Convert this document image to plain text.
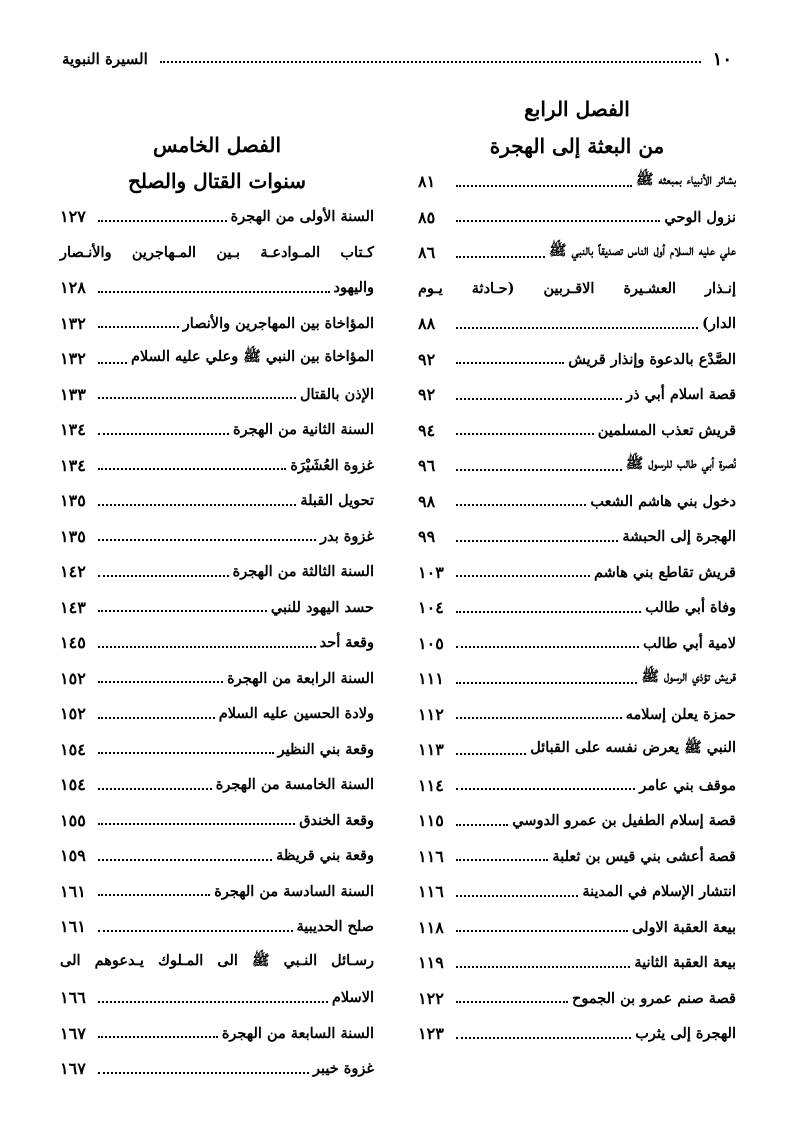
١٠
السيرة النبوية
الفصل الرابع
من البعثة إلى الهجرة
بشائر الأنبياء بمبعثه ﷺ
٨١
نزول الوحي
٨٥
علي عليه السلام أول الناس تصديقاً بالنبي ﷺ
٨٦
إنـذار العشـيرة الاقـربين (حـادثة يـوم
الدار)
٨٨
الصَّدْع بالدعوة وإنذار قريش
٩٢
قصة اسلام أبي ذر
٩٢
قريش تعذب المسلمين
٩٤
نُصرة أبي طالب للرسول ﷺ
٩٦
دخول بني هاشم الشعب
٩٨
الهجرة إلى الحبشة
٩٩
قريش تقاطع بني هاشم
١٠٣
وفاة أبي طالب
١٠٤
لامية أبي طالب
١٠٥
قريش تؤذي الرسول ﷺ
١١١
حمزة يعلن إسلامه
١١٢
النبي ﷺ يعرض نفسه على القبائل
١١٣
موقف بني عامر
١١٤
قصة إسلام الطفيل بن عمرو الدوسي
١١٥
قصة أعشى بني قيس بن ثعلبة
١١٦
انتشار الإسلام في المدينة
١١٦
بيعة العقبة الاولى
١١٨
بيعة العقبة الثانية
١١٩
قصة صنم عمرو بن الجموح
١٢٢
الهجرة إلى يثرب
١٢٣
الفصل الخامس
سنوات القتال والصلح
السنة الأولى من الهجرة
١٢٧
كـتاب المـوادعـة بـين المـهاجرين والأنـصار
واليهود
١٢٨
المؤاخاة بين المهاجرين والأنصار
١٣٢
المؤاخاة بين النبي ﷺ وعلي عليه السلام
١٣٢
الإذن بالقتال
١٣٣
السنة الثانية من الهجرة
١٣٤
غزوة العُشَيْرَة
١٣٤
تحويل القبلة
١٣٥
غزوة بدر
١٣٥
السنة الثالثة من الهجرة
١٤٢
حسد اليهود للنبي
١٤٣
وقعة أحد
١٤٥
السنة الرابعة من الهجرة
١٥٢
ولادة الحسين عليه السلام
١٥٢
وقعة بني النظير
١٥٤
السنة الخامسة من الهجرة
١٥٤
وقعة الخندق
١٥٥
وقعة بني قريظة
١٥٩
السنة السادسة من الهجرة
١٦١
صلح الحديبية
١٦١
رسـائل النـبي ﷺ الى المـلوك يـدعوهم الى
الاسلام
١٦٦
السنة السابعة من الهجرة
١٦٧
غزوة خيبر
١٦٧
